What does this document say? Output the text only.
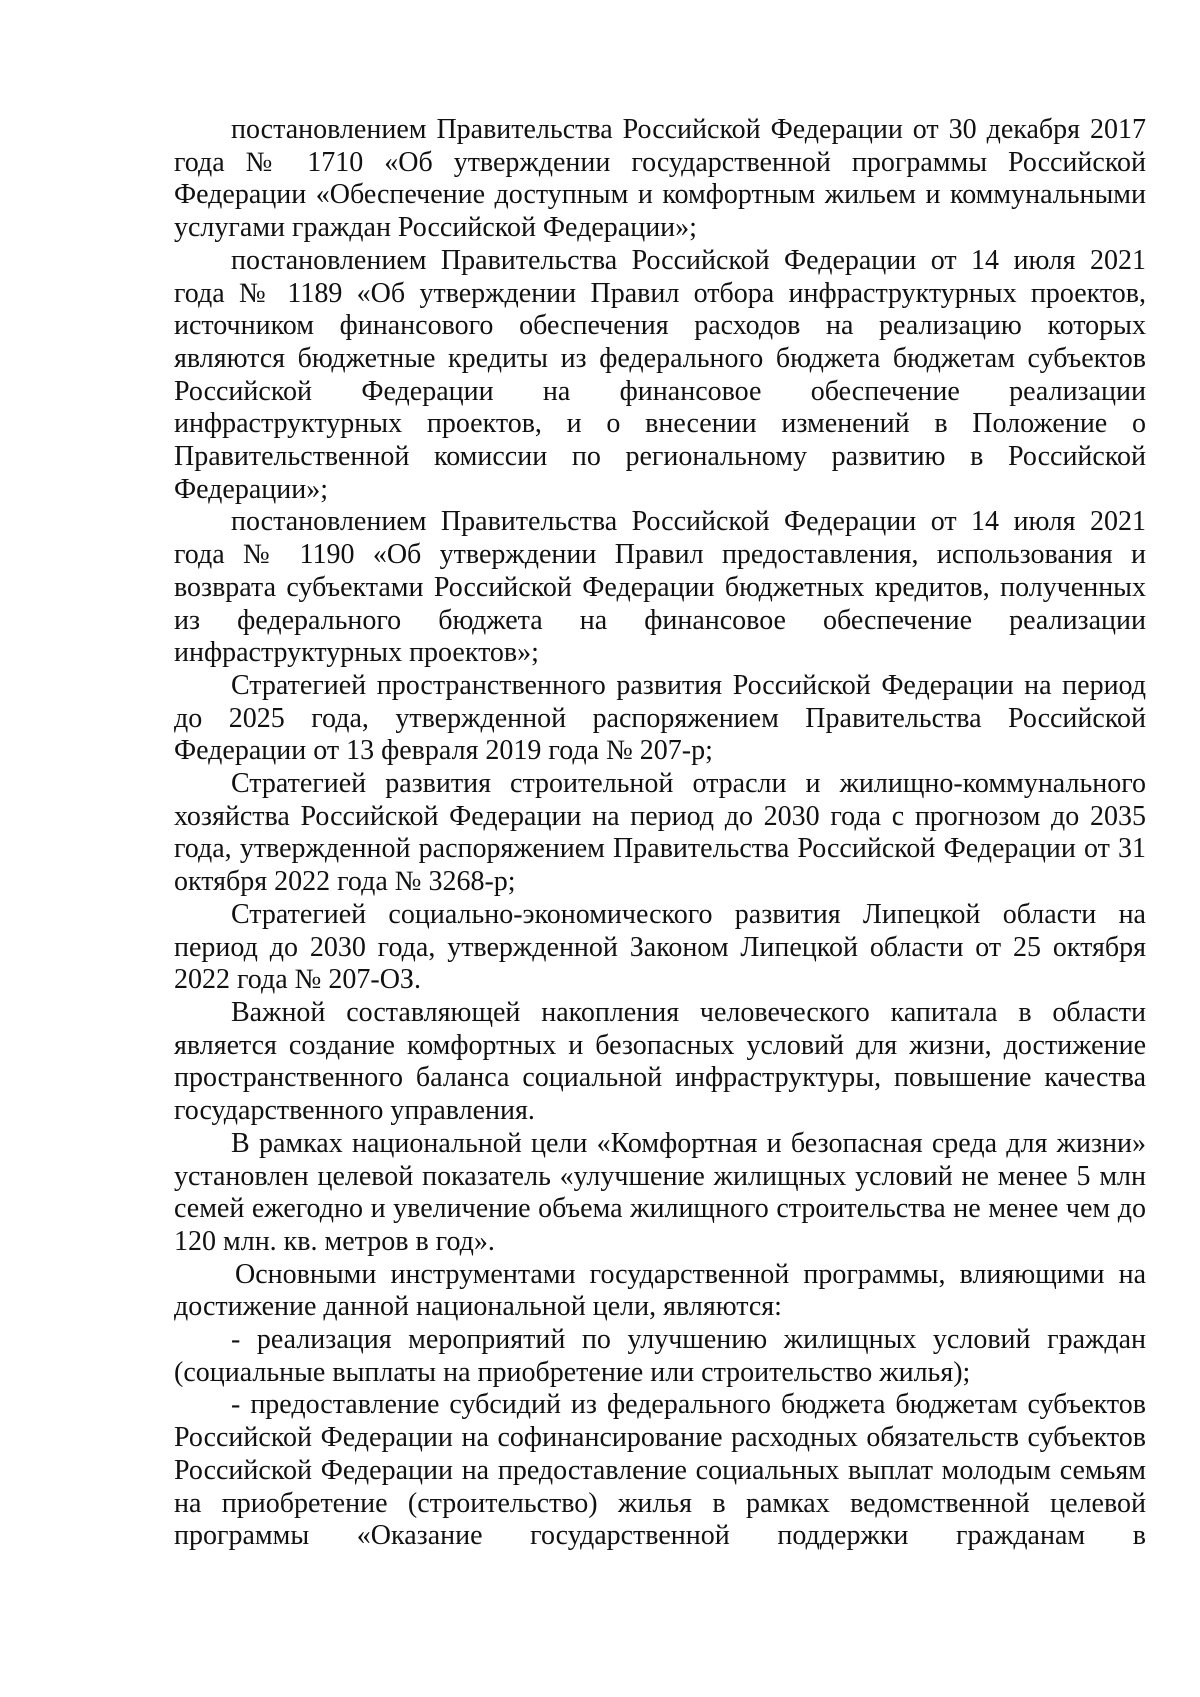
постановлением Правительства Российской Федерации от 30 декабря 2017 года № 1710 «Об утверждении государственной программы Российской Федерации «Обеспечение доступным и комфортным жильем и коммунальными услугами граждан Российской Федерации»;

постановлением Правительства Российской Федерации от 14 июля 2021 года № 1189 «Об утверждении Правил отбора инфраструктурных проектов, источником финансового обеспечения расходов на реализацию которых являются бюджетные кредиты из федерального бюджета бюджетам субъектов Российской Федерации на финансовое обеспечение реализации инфраструктурных проектов, и о внесении изменений в Положение о Правительственной комиссии по региональному развитию в Российской Федерации»;

постановлением Правительства Российской Федерации от 14 июля 2021 года № 1190 «Об утверждении Правил предоставления, использования и возврата субъектами Российской Федерации бюджетных кредитов, полученных из федерального бюджета на финансовое обеспечение реализации инфраструктурных проектов»;

Стратегией пространственного развития Российской Федерации на период до 2025 года, утвержденной распоряжением Правительства Российской Федерации от 13 февраля 2019 года № 207-р;

Стратегией развития строительной отрасли и жилищно-коммунального хозяйства Российской Федерации на период до 2030 года с прогнозом до 2035 года, утвержденной распоряжением Правительства Российской Федерации от 31 октября 2022 года № 3268-р;

Стратегией социально-экономического развития Липецкой области на период до 2030 года, утвержденной Законом Липецкой области от 25 октября 2022 года № 207-ОЗ.

Важной составляющей накопления человеческого капитала в области является создание комфортных и безопасных условий для жизни, достижение пространственного баланса социальной инфраструктуры, повышение качества государственного управления.

В рамках национальной цели «Комфортная и безопасная среда для жизни» установлен целевой показатель «улучшение жилищных условий не менее 5 млн семей ежегодно и увеличение объема жилищного строительства не менее чем до 120 млн. кв. метров в год».

Основными инструментами государственной программы, влияющими на достижение данной национальной цели, являются:

- реализация мероприятий по улучшению жилищных условий граждан (социальные выплаты на приобретение или строительство жилья);

- предоставление субсидий из федерального бюджета бюджетам субъектов Российской Федерации на софинансирование расходных обязательств субъектов Российской Федерации на предоставление социальных выплат молодым семьям на приобретение (строительство) жилья в рамках ведомственной целевой программы «Оказание государственной поддержки гражданам в
